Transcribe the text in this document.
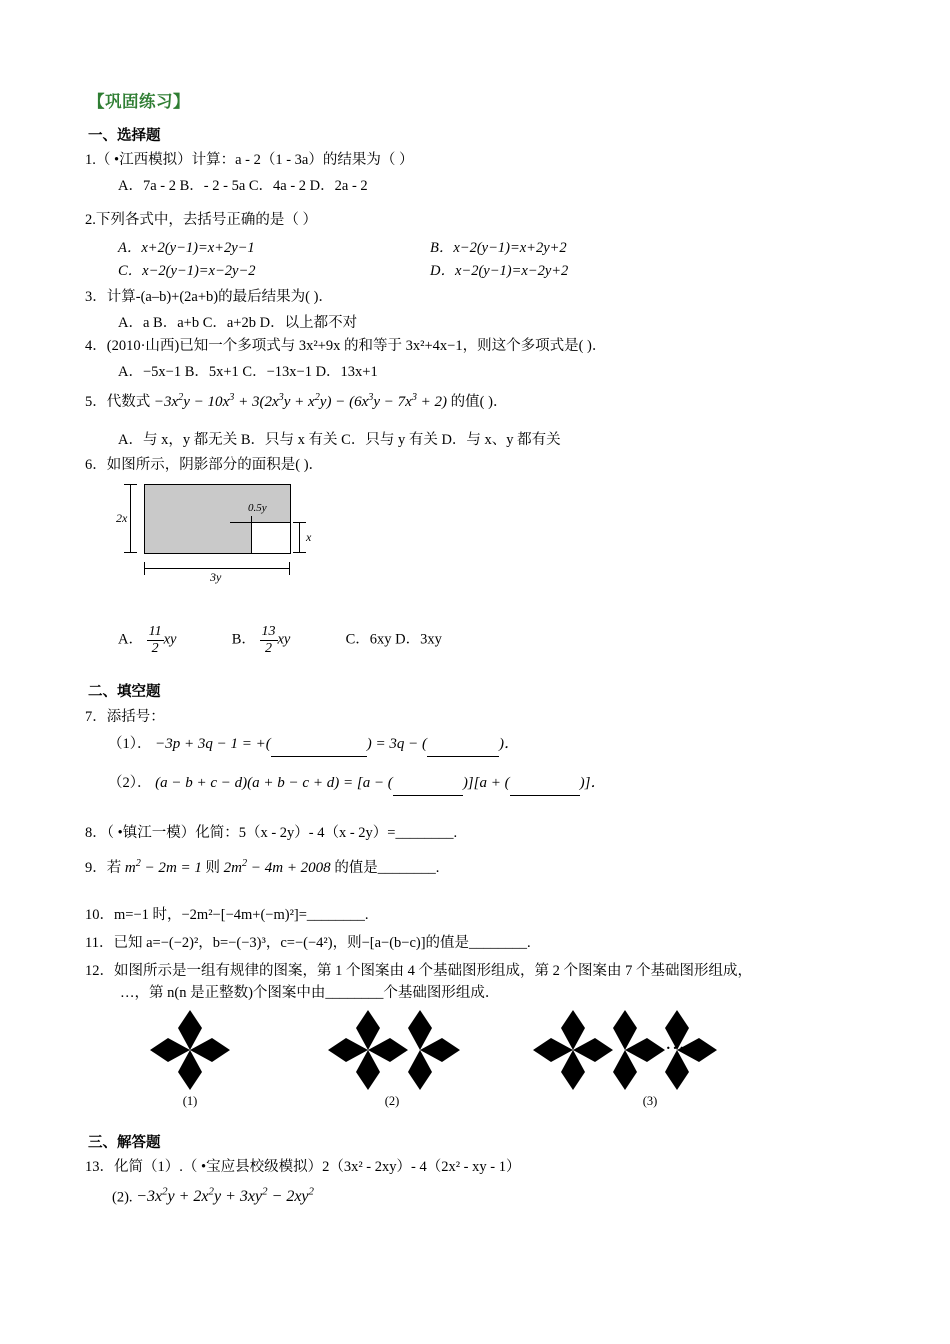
【巩固练习】
一、选择题
1.（ •江西模拟）计算：a - 2（1 - 3a）的结果为（ ）
A．7a - 2 B．- 2 - 5a C．4a - 2 D．2a - 2
2.下列各式中，去括号正确的是（ ）
A．x+2(y−1)=x+2y−1	B．x−2(y−1)=x+2y+2
C．x−2(y−1)=x−2y−2	D．x−2(y−1)=x−2y+2
3．计算-(a–b)+(2a+b)的最后结果为( )．
A．a B．a+b C．a+2b D．以上都不对
4．(2010·山西)已知一个多项式与 3x²+9x 的和等于 3x²+4x−1，则这个多项式是( )．
A．−5x−1 B．5x+1 C．−13x−1 D．13x+1
5．代数式 $-3x^2y - 10x^3 + 3(2x^3y + x^2y) - (6x^3y - 7x^3 + 2)$ 的值( )．
A．与 x，y 都无关 B．只与 x 有关 C．只与 y 有关 D．与 x、y 都有关
6．如图所示，阴影部分的面积是( )．
2x
3y
0.5y
x
A． $\frac{11}{2}$ xy	B． $\frac{13}{2}$ xy	C．6xy D．3xy
二、填空题
7．添括号：
（1）． −3p + 3q − 1 = +(	) = 3q − (	)．
（2）． (a − b + c − d)(a + b − c + d) = [a − (	)][a + (	)]．
8．（ •镇江一模）化简：5（x - 2y）- 4（x - 2y）=________.
9．若 $m^2 - 2m = 1$ 则 $2m^2 - 4m + 2008$ 的值是________.
10．m=−1 时，−2m²−[−4m+(−m)²]=________.
11．已知 a=−(−2)²，b=−(−3)³，c=−(−4²)，则−[a−(b−c)]的值是________.
12．如图所示是一组有规律的图案，第 1 个图案由 4 个基础图形组成，第 2 个图案由 7 个基础图形组成，
…，第 n(n 是正整数)个图案中由________个基础图形组成．
(1)	(2)	(3)
…
三、解答题
13．化简（1）.（ •宝应县校级模拟）2（3x² - 2xy）- 4（2x² - xy - 1）
(2). $-3x^2y + 2x^2y + 3xy^2 - 2xy^2$
